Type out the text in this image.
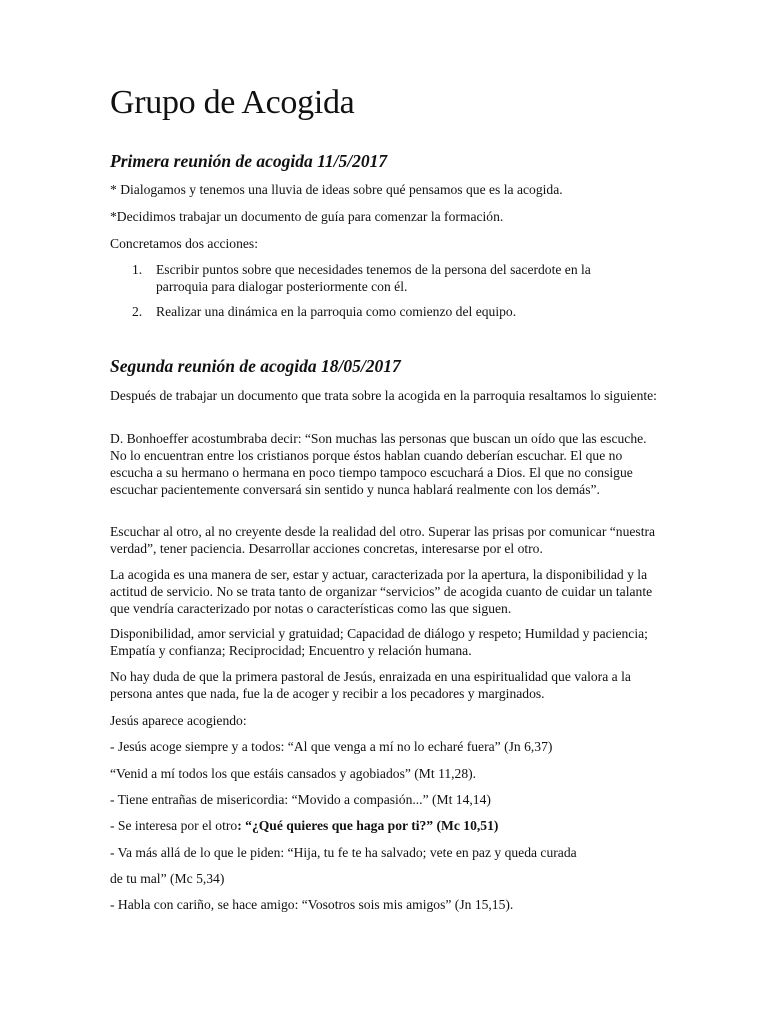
Grupo de Acogida
Primera reunión de acogida 11/5/2017

* Dialogamos y tenemos una lluvia de ideas sobre qué pensamos que es la acogida.

*Decidimos trabajar un documento de guía para comenzar la formación.

Concretamos dos acciones:

1. Escribir puntos sobre que necesidades tenemos de la persona del sacerdote en la parroquia para dialogar posteriormente con él.
2. Realizar una dinámica en la parroquia como comienzo del equipo.
Segunda reunión de acogida 18/05/2017

Después de trabajar un documento que trata sobre la acogida en la parroquia resaltamos lo siguiente:

D. Bonhoeffer acostumbraba decir: “Son muchas las personas que buscan un oído que las escuche. No lo encuentran entre los cristianos porque éstos hablan cuando deberían escuchar. El que no escucha a su hermano o hermana en poco tiempo tampoco escuchará a Dios. El que no consigue escuchar pacientemente conversará sin sentido y nunca hablará realmente con los demás”.

Escuchar al otro, al no creyente desde la realidad del otro. Superar las prisas por comunicar “nuestra verdad”, tener paciencia. Desarrollar acciones concretas, interesarse por el otro.

La acogida es una manera de ser, estar y actuar, caracterizada por la apertura, la disponibilidad y la actitud de servicio. No se trata tanto de organizar “servicios” de acogida cuanto de cuidar un talante que vendría caracterizado por notas o características como las que siguen.

Disponibilidad, amor servicial y gratuidad; Capacidad de diálogo y respeto; Humildad y paciencia; Empatía y confianza; Reciprocidad; Encuentro y relación humana.

No hay duda de que la primera pastoral de Jesús, enraizada en una espiritualidad que valora a la persona antes que nada, fue la de acoger y recibir a los pecadores y marginados.

Jesús aparece acogiendo:

- Jesús acoge siempre y a todos: “Al que venga a mí no lo echaré fuera” (Jn 6,37)

“Venid a mí todos los que estáis cansados y agobiados” (Mt 11,28).

- Tiene entrañas de misericordia: “Movido a compasión...” (Mt 14,14)

- Se interesa por el otro: “¿Qué quieres que haga por ti?” (Mc 10,51)

- Va más allá de lo que le piden: “Hija, tu fe te ha salvado; vete en paz y queda curada

de tu mal” (Mc 5,34)

- Habla con cariño, se hace amigo: “Vosotros sois mis amigos” (Jn 15,15).
